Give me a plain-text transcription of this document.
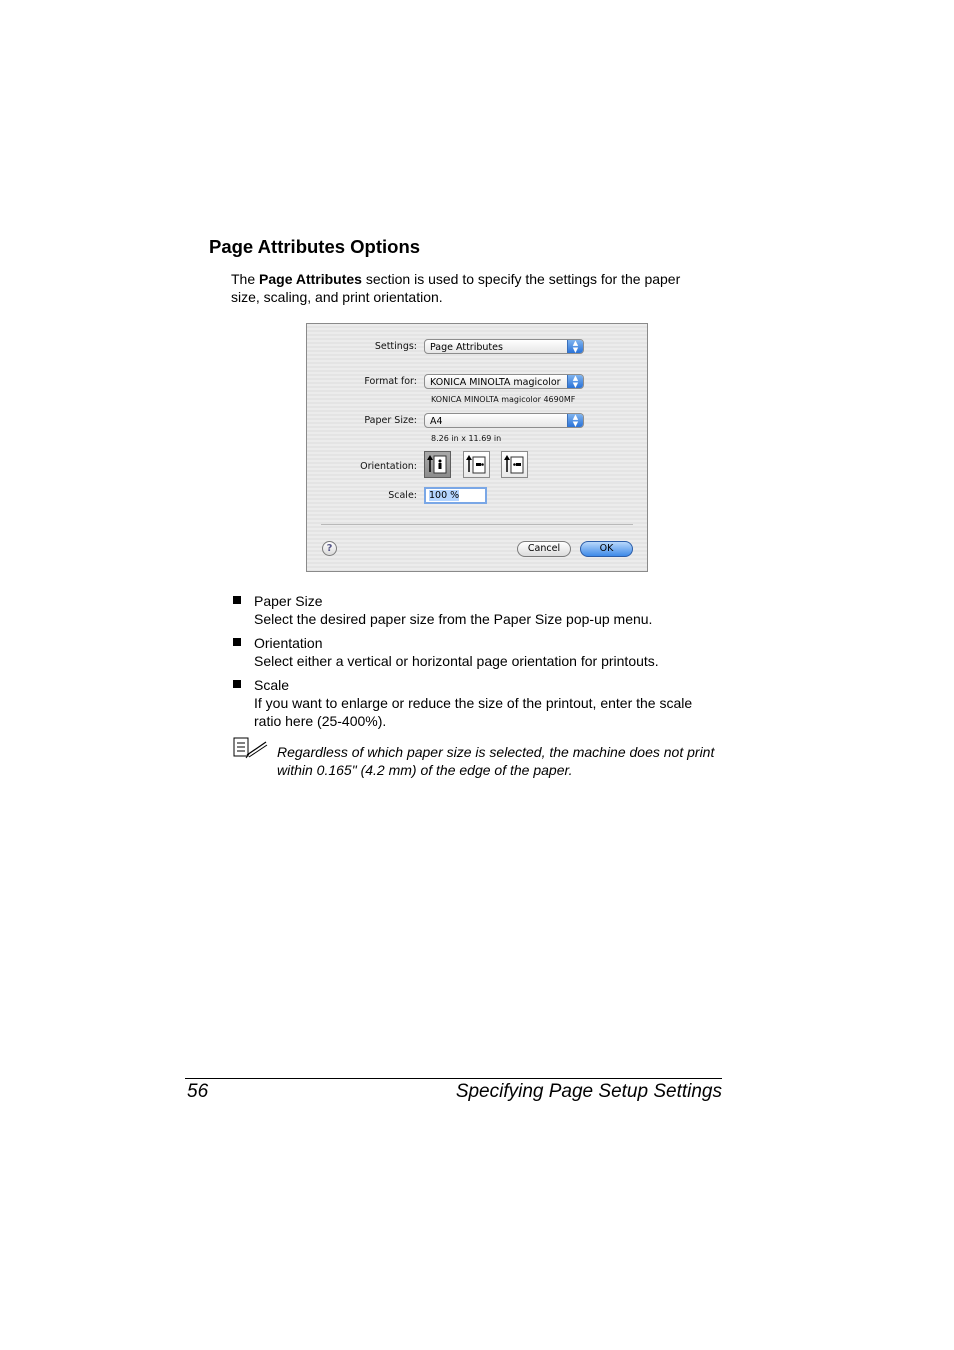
Page Attributes Options

The Page Attributes section is used to specify the settings for the paper size, scaling, and print orientation.

Settings:	Page Attributes	▲
▼
Format for:	KONICA MINOLTA magicolor	▲
▼
KONICA MINOLTA magicolor 4690MF
Paper Size:	A4	▲
▼
8.26 in x 11.69 in
Orientation:
Scale:	100 %
?	Cancel	OK
Paper Size
Select the desired paper size from the Paper Size pop-up menu.
Orientation
Select either a vertical or horizontal page orientation for printouts.
Scale
If you want to enlarge or reduce the size of the printout, enter the scale ratio here (25-400%).
Regardless of which paper size is selected, the machine does not print within 0.165" (4.2 mm) of the edge of the paper.
56	Specifying Page Setup Settings
